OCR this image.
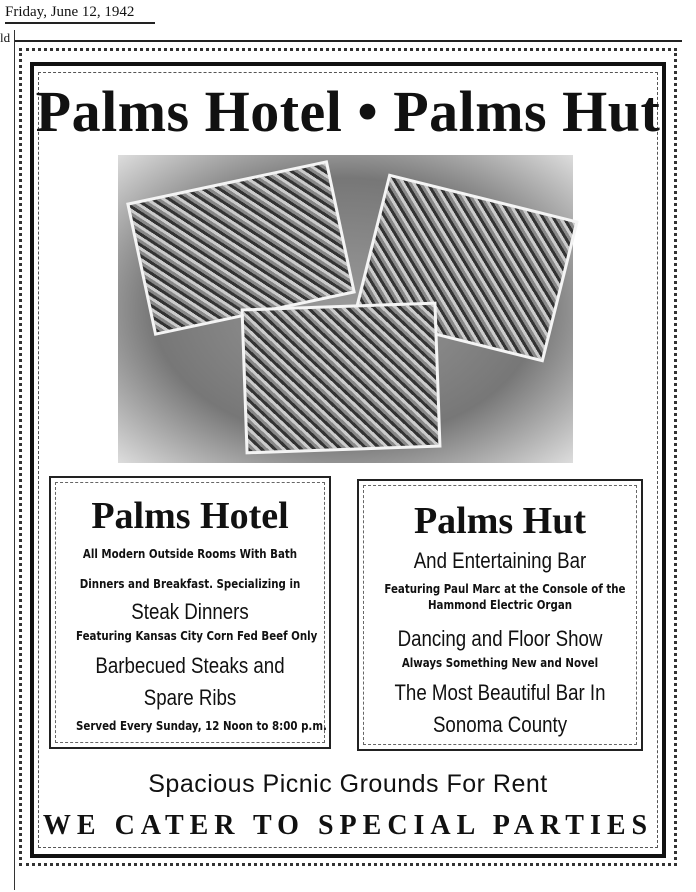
Friday, June 12, 1942
ld
Palms Hotel • Palms Hut
Palms Hotel
All Modern Outside Rooms With Bath
Dinners and Breakfast. Specializing in
Steak Dinners
Featuring Kansas City Corn Fed Beef Only
Barbecued Steaks and
Spare Ribs
Served Every Sunday, 12 Noon to 8:00 p.m.
Palms Hut
And Entertaining Bar
Featuring Paul Marc at the Console of the
Hammond Electric Organ
Dancing and Floor Show
Always Something New and Novel
The Most Beautiful Bar In
Sonoma County
Spacious Picnic Grounds For Rent
WE CATER TO SPECIAL PARTIES
